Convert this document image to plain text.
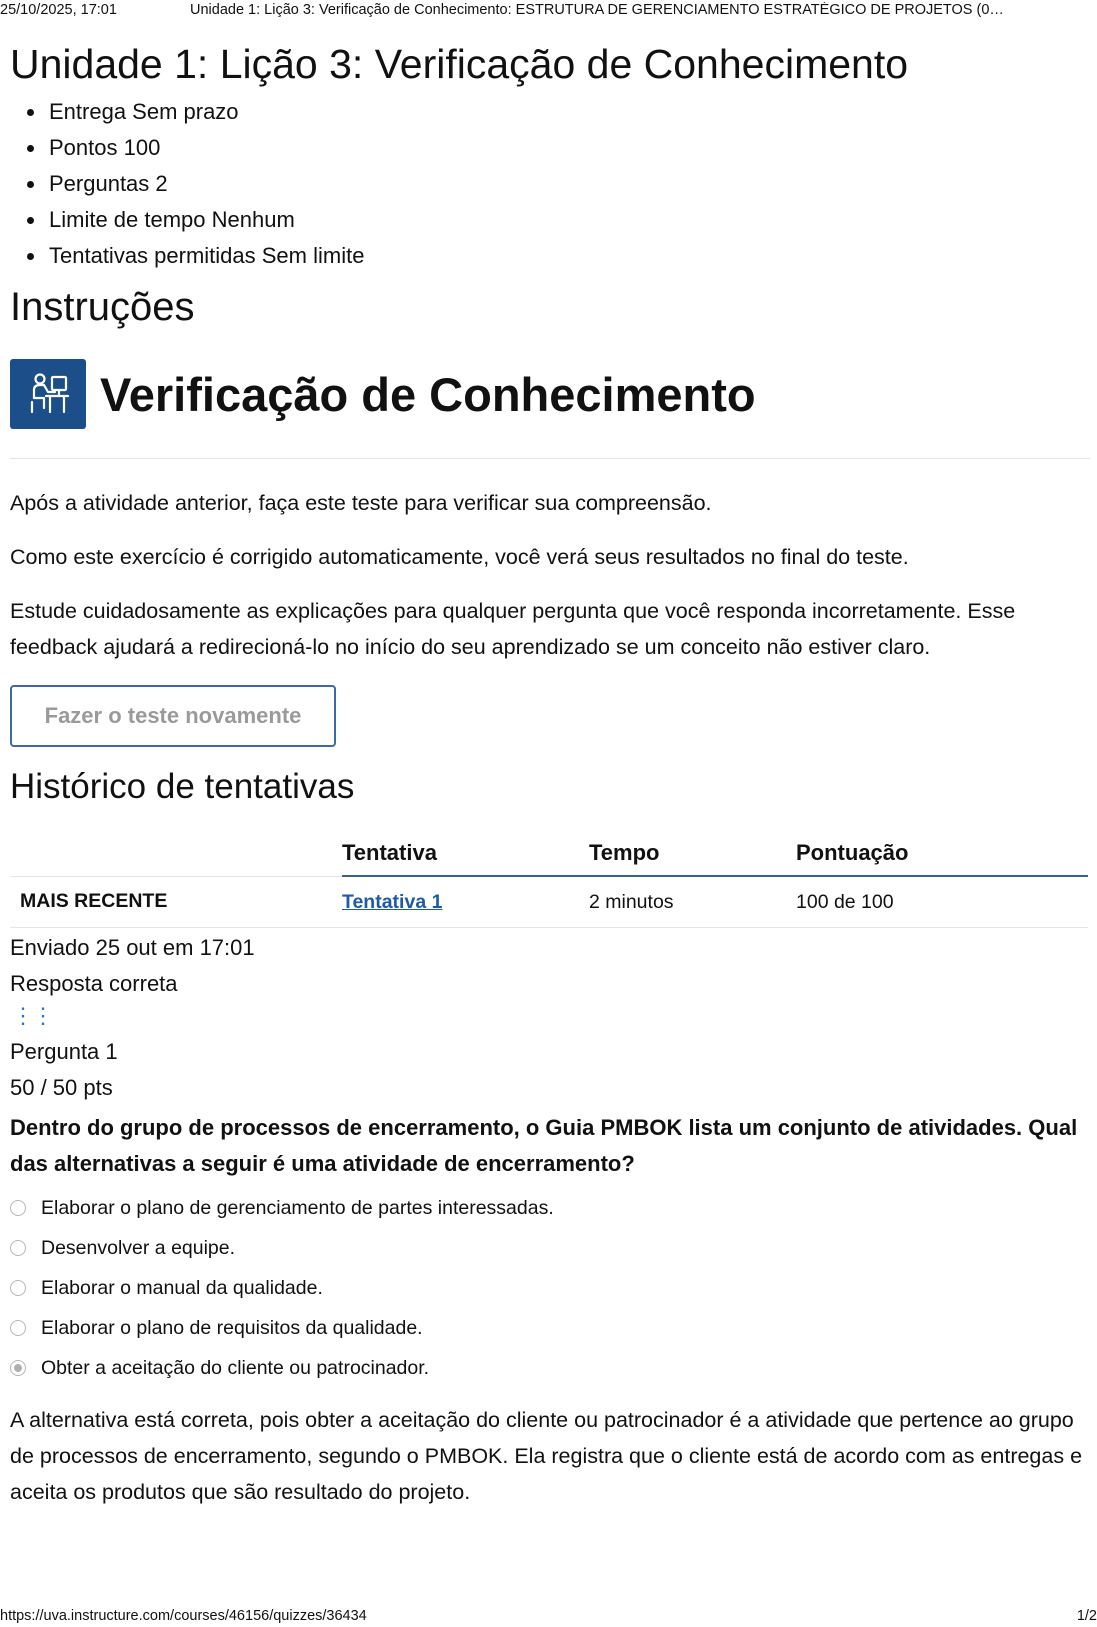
25/10/2025, 17:01	Unidade 1: Lição 3: Verificação de Conhecimento: ESTRUTURA DE GERENCIAMENTO ESTRATÉGICO DE PROJETOS (0…
Unidade 1: Lição 3: Verificação de Conhecimento
• Entrega Sem prazo
• Pontos 100
• Perguntas 2
• Limite de tempo Nenhum
• Tentativas permitidas Sem limite
Instruções
Verificação de Conhecimento

Após a atividade anterior, faça este teste para verificar sua compreensão.

Como este exercício é corrigido automaticamente, você verá seus resultados no final do teste.

Estude cuidadosamente as explicações para qualquer pergunta que você responda incorretamente. Esse feedback ajudará a redirecioná-lo no início do seu aprendizado se um conceito não estiver claro.

Fazer o teste novamente
Histórico de tentativas
	Tentativa	Tempo	Pontuação
MAIS RECENTE	Tentativa 1	2 minutos	100 de 100

Enviado 25 out em 17:01

Resposta correta

⋮⋮

Pergunta 1

50 / 50 pts

Dentro do grupo de processos de encerramento, o Guia PMBOK lista um conjunto de atividades. Qual das alternativas a seguir é uma atividade de encerramento?

Elaborar o plano de gerenciamento de partes interessadas.
Desenvolver a equipe.
Elaborar o manual da qualidade.
Elaborar o plano de requisitos da qualidade.
Obter a aceitação do cliente ou patrocinador.

A alternativa está correta, pois obter a aceitação do cliente ou patrocinador é a atividade que pertence ao grupo de processos de encerramento, segundo o PMBOK. Ela registra que o cliente está de acordo com as entregas e aceita os produtos que são resultado do projeto.

https://uva.instructure.com/courses/46156/quizzes/36434	1/2
